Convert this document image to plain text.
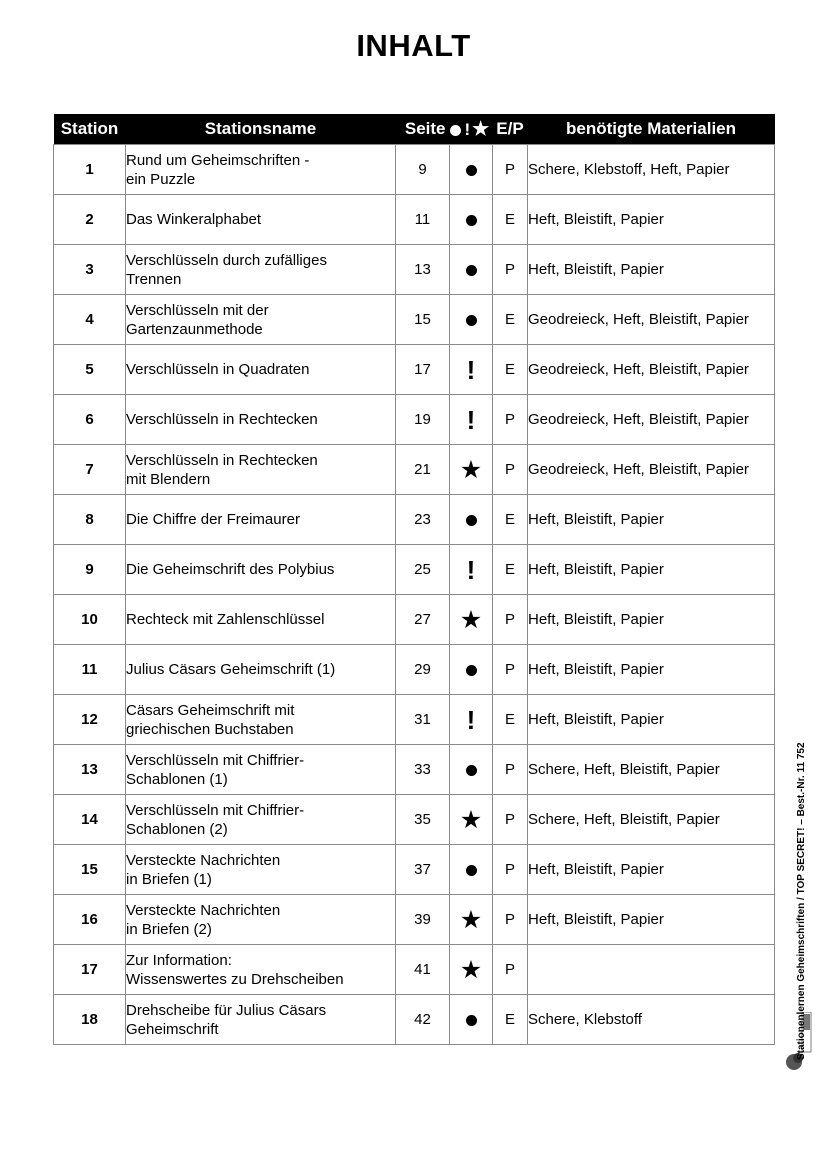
INHALT
Station	Stationsname	Seite	! ★	E/P	benötigte Materialien
1	Rund um Geheimschriften -
ein Puzzle	9		P	Schere, Klebstoff, Heft, Papier
2	Das Winkeralphabet	11		E	Heft, Bleistift, Papier
3	Verschlüsseln durch zufälliges
Trennen	13		P	Heft, Bleistift, Papier
4	Verschlüsseln mit der
Gartenzaunmethode	15		E	Geodreieck, Heft, Bleistift, Papier
5	Verschlüsseln in Quadraten	17	!	E	Geodreieck, Heft, Bleistift, Papier
6	Verschlüsseln in Rechtecken	19	!	P	Geodreieck, Heft, Bleistift, Papier
7	Verschlüsseln in Rechtecken
mit Blendern	21	★	P	Geodreieck, Heft, Bleistift, Papier
8	Die Chiffre der Freimaurer	23		E	Heft, Bleistift, Papier
9	Die Geheimschrift des Polybius	25	!	E	Heft, Bleistift, Papier
10	Rechteck mit Zahlenschlüssel	27	★	P	Heft, Bleistift, Papier
11	Julius Cäsars Geheimschrift (1)	29		P	Heft, Bleistift, Papier
12	Cäsars Geheimschrift mit
griechischen Buchstaben	31	!	E	Heft, Bleistift, Papier
13	Verschlüsseln mit Chiffrier-
Schablonen (1)	33		P	Schere, Heft, Bleistift, Papier
14	Verschlüsseln mit Chiffrier-
Schablonen (2)	35	★	P	Schere, Heft, Bleistift, Papier
15	Versteckte Nachrichten
in Briefen (1)	37		P	Heft, Bleistift, Papier
16	Versteckte Nachrichten
in Briefen (2)	39	★	P	Heft, Bleistift, Papier
17	Zur Information:
Wissenswertes zu Drehscheiben	41	★	P	
18	Drehscheibe für Julius Cäsars
Geheimschrift	42		E	Schere, Klebstoff	Stationenlernen Geheimschriften / TOP SECRET! – Best.-Nr. 11 752
